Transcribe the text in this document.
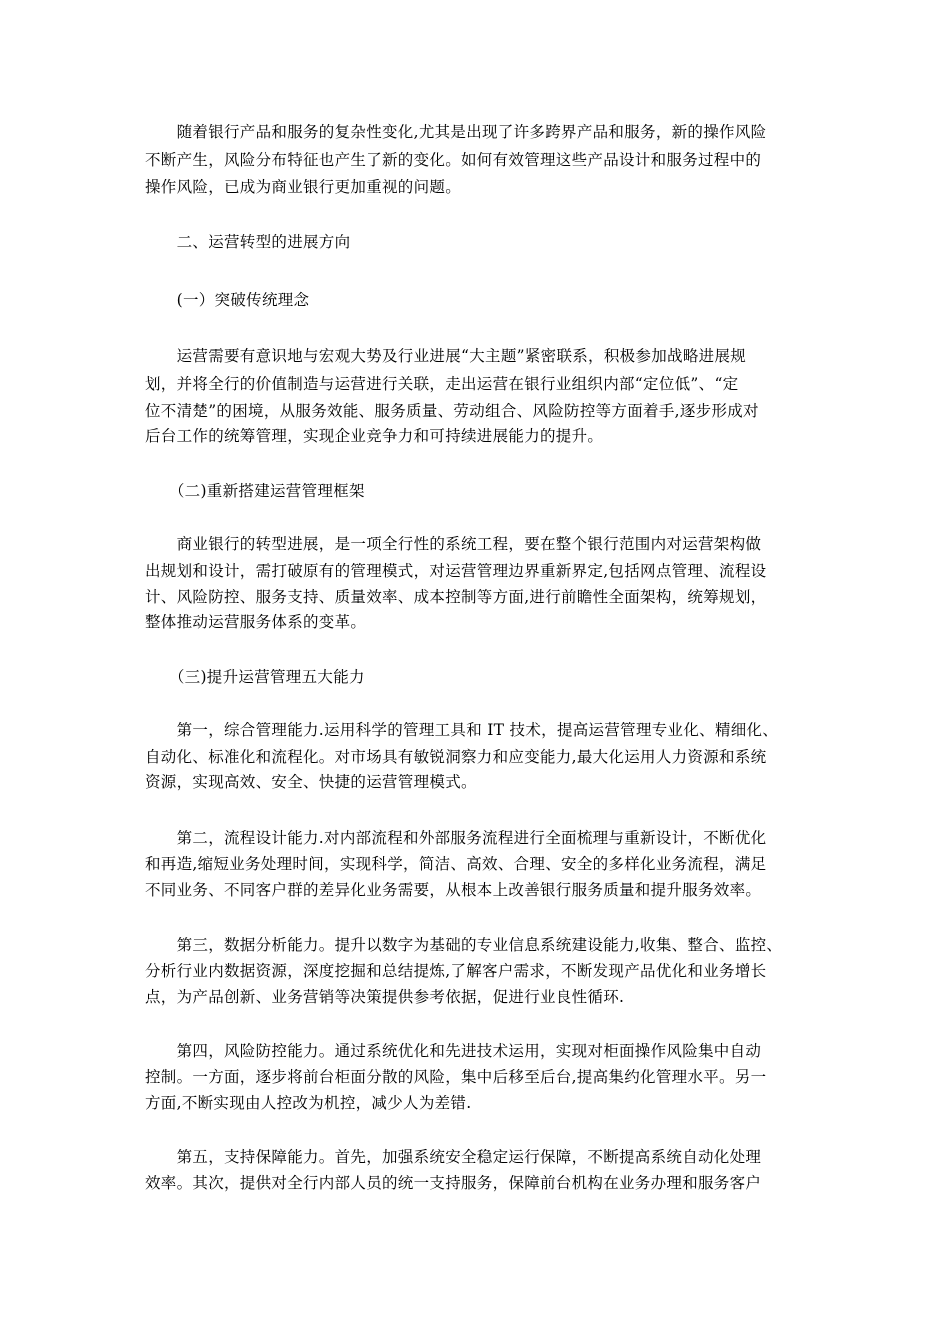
　　随着银行产品和服务的复杂性变化,尤其是出现了许多跨界产品和服务，新的操作风险
不断产生，风险分布特征也产生了新的变化。如何有效管理这些产品设计和服务过程中的
操作风险，已成为商业银行更加重视的问题。
　　二、运营转型的进展方向
　　(一）突破传统理念
　　运营需要有意识地与宏观大势及行业进展“大主题”紧密联系，积极参加战略进展规
划，并将全行的价值制造与运营进行关联，走出运营在银行业组织内部“定位低”、“定
位不清楚”的困境，从服务效能、服务质量、劳动组合、风险防控等方面着手,逐步形成对
后台工作的统筹管理，实现企业竞争力和可持续进展能力的提升。
　　（二)重新搭建运营管理框架
　　商业银行的转型进展，是一项全行性的系统工程，要在整个银行范围内对运营架构做
出规划和设计，需打破原有的管理模式，对运营管理边界重新界定,包括网点管理、流程设
计、风险防控、服务支持、质量效率、成本控制等方面,进行前瞻性全面架构，统筹规划，
整体推动运营服务体系的变革。
　　（三)提升运营管理五大能力
　　第一，综合管理能力.运用科学的管理工具和 IT 技术，提高运营管理专业化、精细化、
自动化、标准化和流程化。对市场具有敏锐洞察力和应变能力,最大化运用人力资源和系统
资源，实现高效、安全、快捷的运营管理模式。
　　第二，流程设计能力.对内部流程和外部服务流程进行全面梳理与重新设计，不断优化
和再造,缩短业务处理时间，实现科学，简洁、高效、合理、安全的多样化业务流程，满足
不同业务、不同客户群的差异化业务需要，从根本上改善银行服务质量和提升服务效率。
　　第三，数据分析能力。提升以数字为基础的专业信息系统建设能力,收集、整合、监控、
分析行业内数据资源，深度挖掘和总结提炼,了解客户需求，不断发现产品优化和业务增长
点，为产品创新、业务营销等决策提供参考依据，促进行业良性循环.
　　第四，风险防控能力。通过系统优化和先进技术运用，实现对柜面操作风险集中自动
控制。一方面，逐步将前台柜面分散的风险，集中后移至后台,提高集约化管理水平。另一
方面,不断实现由人控改为机控，减少人为差错.
　　第五，支持保障能力。首先，加强系统安全稳定运行保障，不断提高系统自动化处理
效率。其次，提供对全行内部人员的统一支持服务，保障前台机构在业务办理和服务客户
